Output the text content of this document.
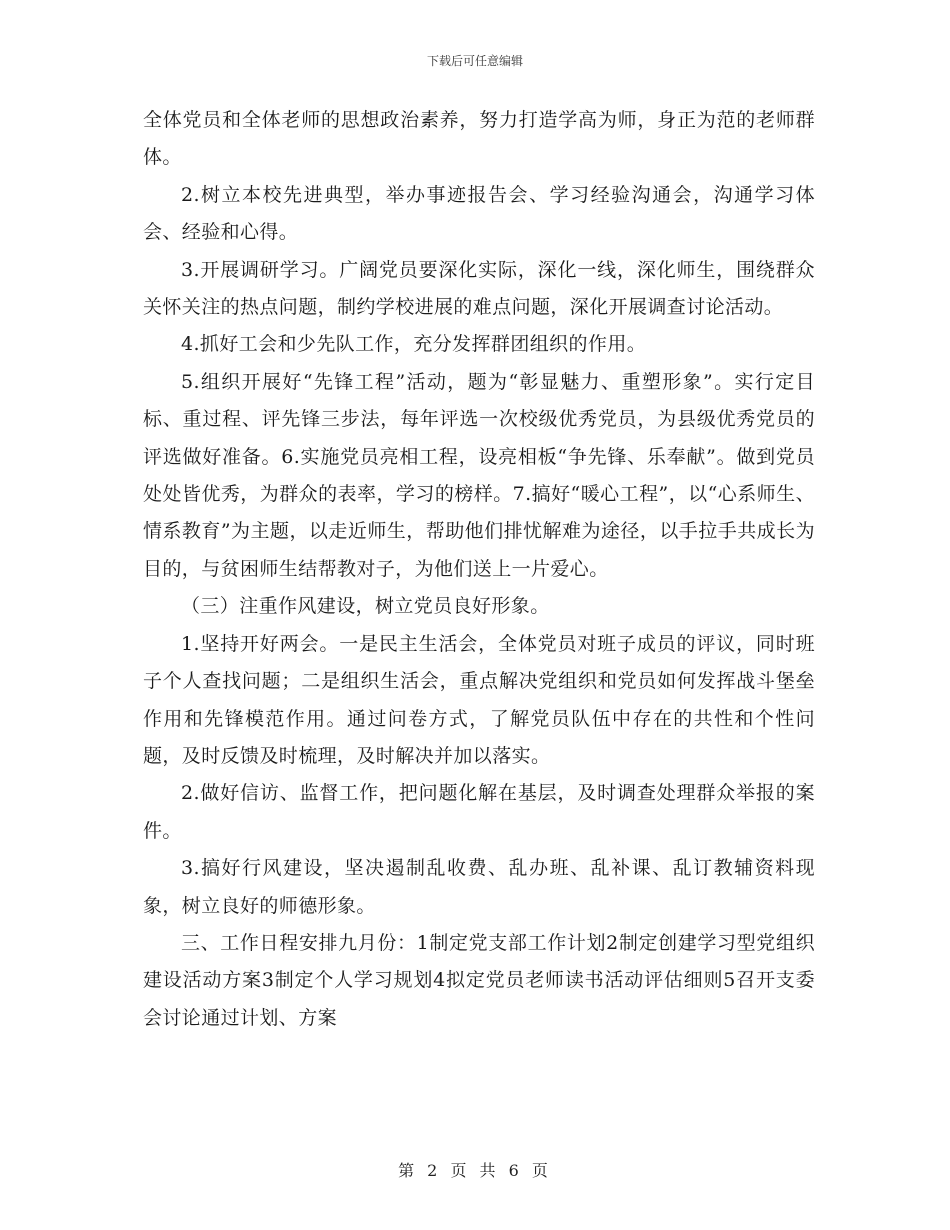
下载后可任意编辑

全体党员和全体老师的思想政治素养，努力打造学高为师，身正为范的老师群体。

2.树立本校先进典型，举办事迹报告会、学习经验沟通会，沟通学习体会、经验和心得。

3.开展调研学习。广阔党员要深化实际，深化一线，深化师生，围绕群众关怀关注的热点问题，制约学校进展的难点问题，深化开展调查讨论活动。

4.抓好工会和少先队工作，充分发挥群团组织的作用。

5.组织开展好“先锋工程”活动，题为“彰显魅力、重塑形象”。实行定目标、重过程、评先锋三步法，每年评选一次校级优秀党员，为县级优秀党员的评选做好准备。6.实施党员亮相工程，设亮相板“争先锋、乐奉献”。做到党员处处皆优秀，为群众的表率，学习的榜样。7.搞好“暖心工程”，以“心系师生、情系教育”为主题，以走近师生，帮助他们排忧解难为途径，以手拉手共成长为目的，与贫困师生结帮教对子，为他们送上一片爱心。

（三）注重作风建设，树立党员良好形象。

1.坚持开好两会。一是民主生活会，全体党员对班子成员的评议，同时班子个人查找问题；二是组织生活会，重点解决党组织和党员如何发挥战斗堡垒作用和先锋模范作用。通过问卷方式，了解党员队伍中存在的共性和个性问题，及时反馈及时梳理，及时解决并加以落实。

2.做好信访、监督工作，把问题化解在基层，及时调查处理群众举报的案件。

3.搞好行风建设，坚决遏制乱收费、乱办班、乱补课、乱订教辅资料现象，树立良好的师德形象。

三、工作日程安排九月份：1制定党支部工作计划2制定创建学习型党组织建设活动方案3制定个人学习规划4拟定党员老师读书活动评估细则5召开支委会讨论通过计划、方案

第 2 页 共 6 页
